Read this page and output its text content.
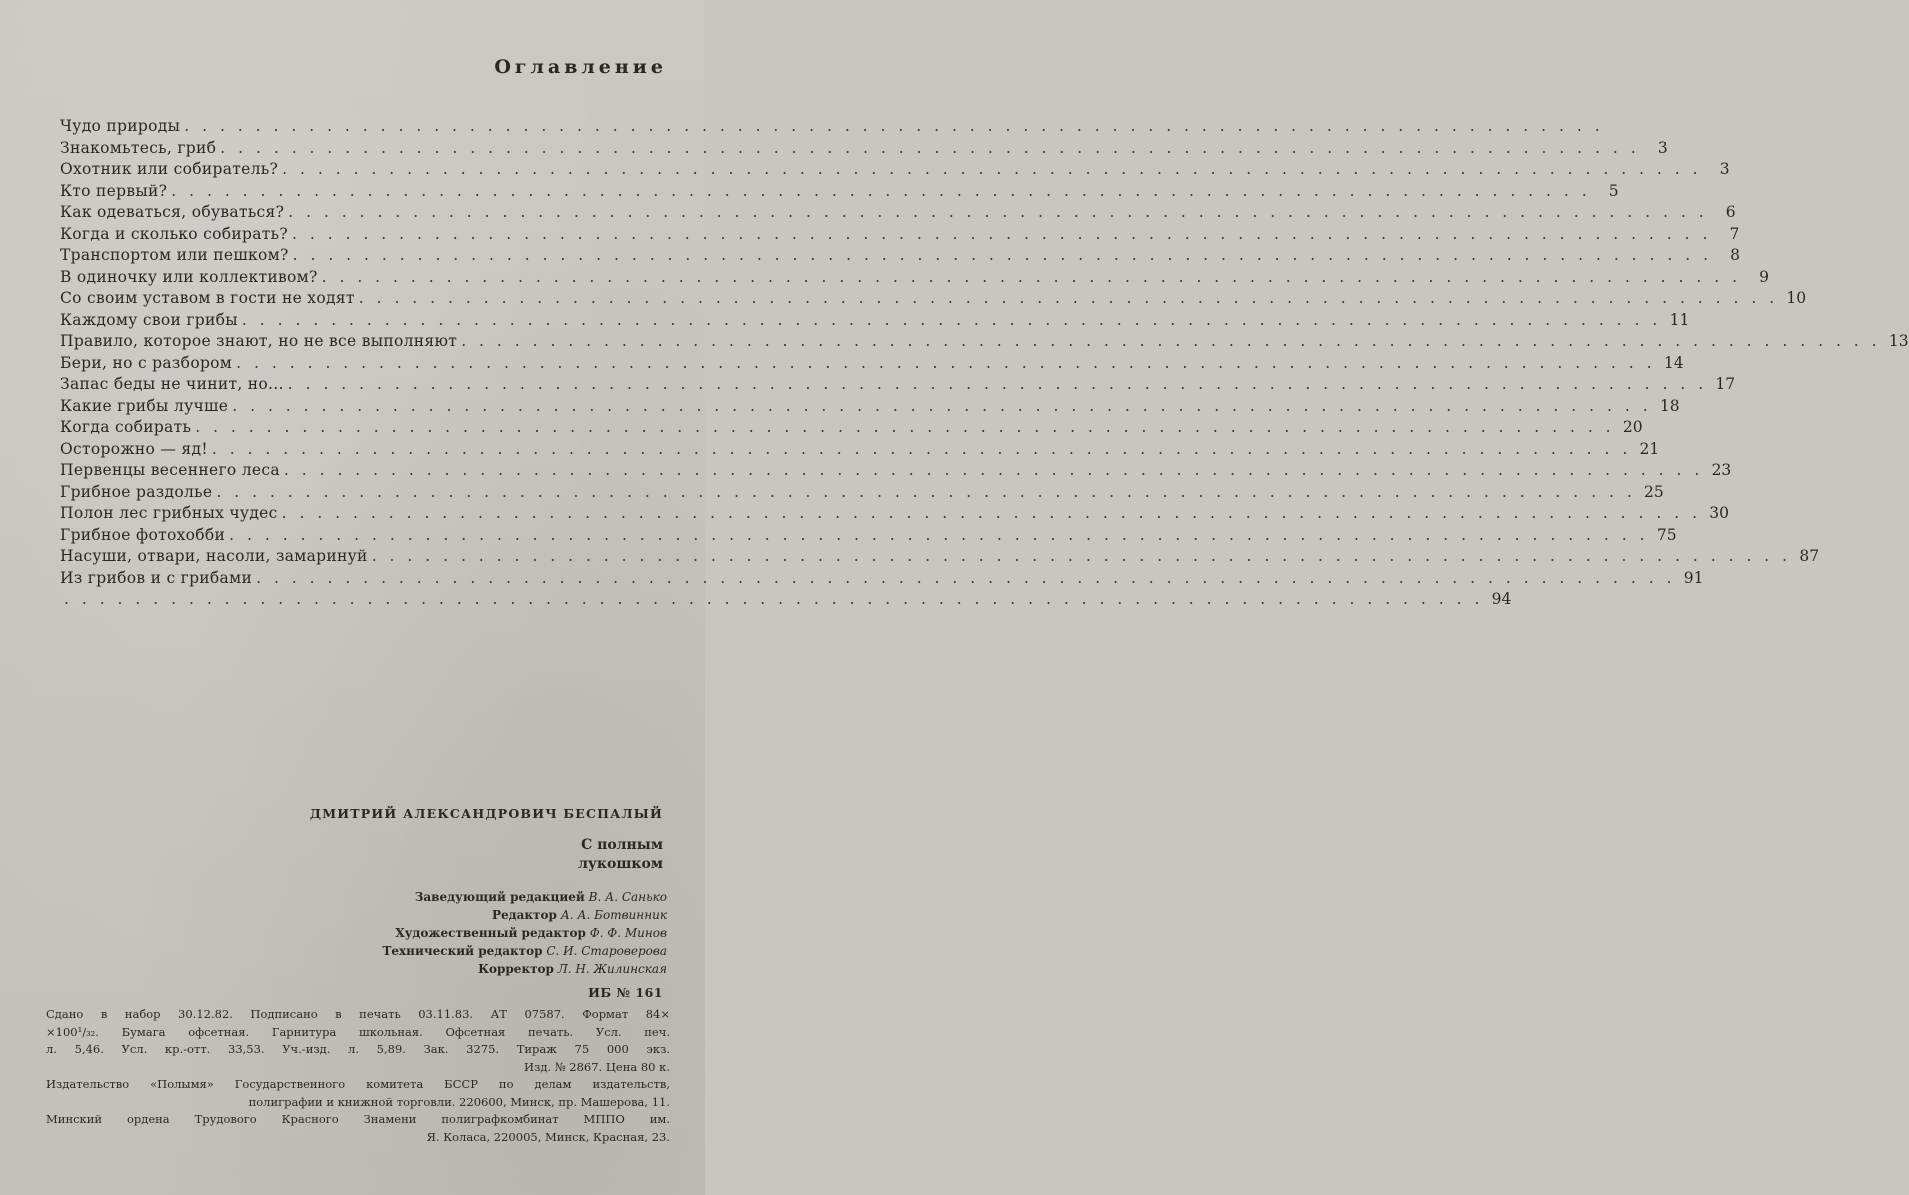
Оглавление
Чудо природы . . . . . . . . . . . . . . . . . . . . . . . . . . . . . . . . . . . . . . . . . . . . . . . . . . . . . . . . . . . . . . . . . . . . . . . . . . . . . . . .
Знакомьтесь, гриб . . . . . . . . . . . . . . . . . . . . . . . . . . . . . . . . . . . . . . . . . . . . . . . . . . . . . . . . . . . . . . . . . . . . . . . . . . . . . . . .	3
Охотник или собиратель? . . . . . . . . . . . . . . . . . . . . . . . . . . . . . . . . . . . . . . . . . . . . . . . . . . . . . . . . . . . . . . . . . . . . . . . . . . . . . . . .	3
Кто первый? . . . . . . . . . . . . . . . . . . . . . . . . . . . . . . . . . . . . . . . . . . . . . . . . . . . . . . . . . . . . . . . . . . . . . . . . . . . . . . . .	5
Как одеваться, обуваться? . . . . . . . . . . . . . . . . . . . . . . . . . . . . . . . . . . . . . . . . . . . . . . . . . . . . . . . . . . . . . . . . . . . . . . . . . . . . . . . .	6
Когда и сколько собирать? . . . . . . . . . . . . . . . . . . . . . . . . . . . . . . . . . . . . . . . . . . . . . . . . . . . . . . . . . . . . . . . . . . . . . . . . . . . . . . . .	7
Транспортом или пешком? . . . . . . . . . . . . . . . . . . . . . . . . . . . . . . . . . . . . . . . . . . . . . . . . . . . . . . . . . . . . . . . . . . . . . . . . . . . . . . . .	8
В одиночку или коллективом? . . . . . . . . . . . . . . . . . . . . . . . . . . . . . . . . . . . . . . . . . . . . . . . . . . . . . . . . . . . . . . . . . . . . . . . . . . . . . . . .	9
Со своим уставом в гости не ходят . . . . . . . . . . . . . . . . . . . . . . . . . . . . . . . . . . . . . . . . . . . . . . . . . . . . . . . . . . . . . . . . . . . . . . . . . . . . . . . . 10
Каждому свои грибы . . . . . . . . . . . . . . . . . . . . . . . . . . . . . . . . . . . . . . . . . . . . . . . . . . . . . . . . . . . . . . . . . . . . . . . . . . . . . . . . 11
Правило, которое знают, но не все выполняют . . . . . . . . . . . . . . . . . . . . . . . . . . . . . . . . . . . . . . . . . . . . . . . . . . . . . . . . . . . . . . . . . . . . . . . . . . . . . . . . 13
Бери, но с разбором . . . . . . . . . . . . . . . . . . . . . . . . . . . . . . . . . . . . . . . . . . . . . . . . . . . . . . . . . . . . . . . . . . . . . . . . . . . . . . . . 14
Запас беды не чинит, но... . . . . . . . . . . . . . . . . . . . . . . . . . . . . . . . . . . . . . . . . . . . . . . . . . . . . . . . . . . . . . . . . . . . . . . . . . . . . . . . . 17
Какие грибы лучше . . . . . . . . . . . . . . . . . . . . . . . . . . . . . . . . . . . . . . . . . . . . . . . . . . . . . . . . . . . . . . . . . . . . . . . . . . . . . . . . 18
Когда собирать . . . . . . . . . . . . . . . . . . . . . . . . . . . . . . . . . . . . . . . . . . . . . . . . . . . . . . . . . . . . . . . . . . . . . . . . . . . . . . . . 20
Осторожно — яд! . . . . . . . . . . . . . . . . . . . . . . . . . . . . . . . . . . . . . . . . . . . . . . . . . . . . . . . . . . . . . . . . . . . . . . . . . . . . . . . . 21
Первенцы весеннего леса . . . . . . . . . . . . . . . . . . . . . . . . . . . . . . . . . . . . . . . . . . . . . . . . . . . . . . . . . . . . . . . . . . . . . . . . . . . . . . . . 23
Грибное раздолье . . . . . . . . . . . . . . . . . . . . . . . . . . . . . . . . . . . . . . . . . . . . . . . . . . . . . . . . . . . . . . . . . . . . . . . . . . . . . . . . 25
Полон лес грибных чудес . . . . . . . . . . . . . . . . . . . . . . . . . . . . . . . . . . . . . . . . . . . . . . . . . . . . . . . . . . . . . . . . . . . . . . . . . . . . . . . . 30
Грибное фотохобби . . . . . . . . . . . . . . . . . . . . . . . . . . . . . . . . . . . . . . . . . . . . . . . . . . . . . . . . . . . . . . . . . . . . . . . . . . . . . . . . 75
Насуши, отвари, насоли, замаринуй . . . . . . . . . . . . . . . . . . . . . . . . . . . . . . . . . . . . . . . . . . . . . . . . . . . . . . . . . . . . . . . . . . . . . . . . . . . . . . . . 87
Из грибов и с грибами . . . . . . . . . . . . . . . . . . . . . . . . . . . . . . . . . . . . . . . . . . . . . . . . . . . . . . . . . . . . . . . . . . . . . . . . . . . . . . . . 91
. . . . . . . . . . . . . . . . . . . . . . . . . . . . . . . . . . . . . . . . . . . . . . . . . . . . . . . . . . . . . . . . . . . . . . . . . . . . . . . . 94
ДМИТРИЙ АЛЕКСАНДРОВИЧ БЕСПАЛЫЙ
С полным
лукошком
Заведующий редакцией В. А. Санько
Редактор А. А. Ботвинник
Художественный редактор Ф. Ф. Минов
Технический редактор С. И. Староверова
Корректор Л. Н. Жилинская
ИБ № 161
Сдано в набор 30.12.82. Подписано в печать 03.11.83. АТ 07587. Формат 84×
×100¹/₃₂. Бумага офсетная. Гарнитура школьная. Офсетная печать. Усл. печ.
л. 5,46. Усл. кр.-отт. 33,53. Уч.-изд. л. 5,89. Зак. 3275. Тираж 75 000 экз.
Изд. № 2867. Цена 80 к.
Издательство «Полымя» Государственного комитета БССР по делам издательств,
полиграфии и книжной торговли. 220600, Минск, пр. Машерова, 11.
Минский ордена Трудового Красного Знамени полиграфкомбинат МППО им.
Я. Коласа, 220005, Минск, Красная, 23.
